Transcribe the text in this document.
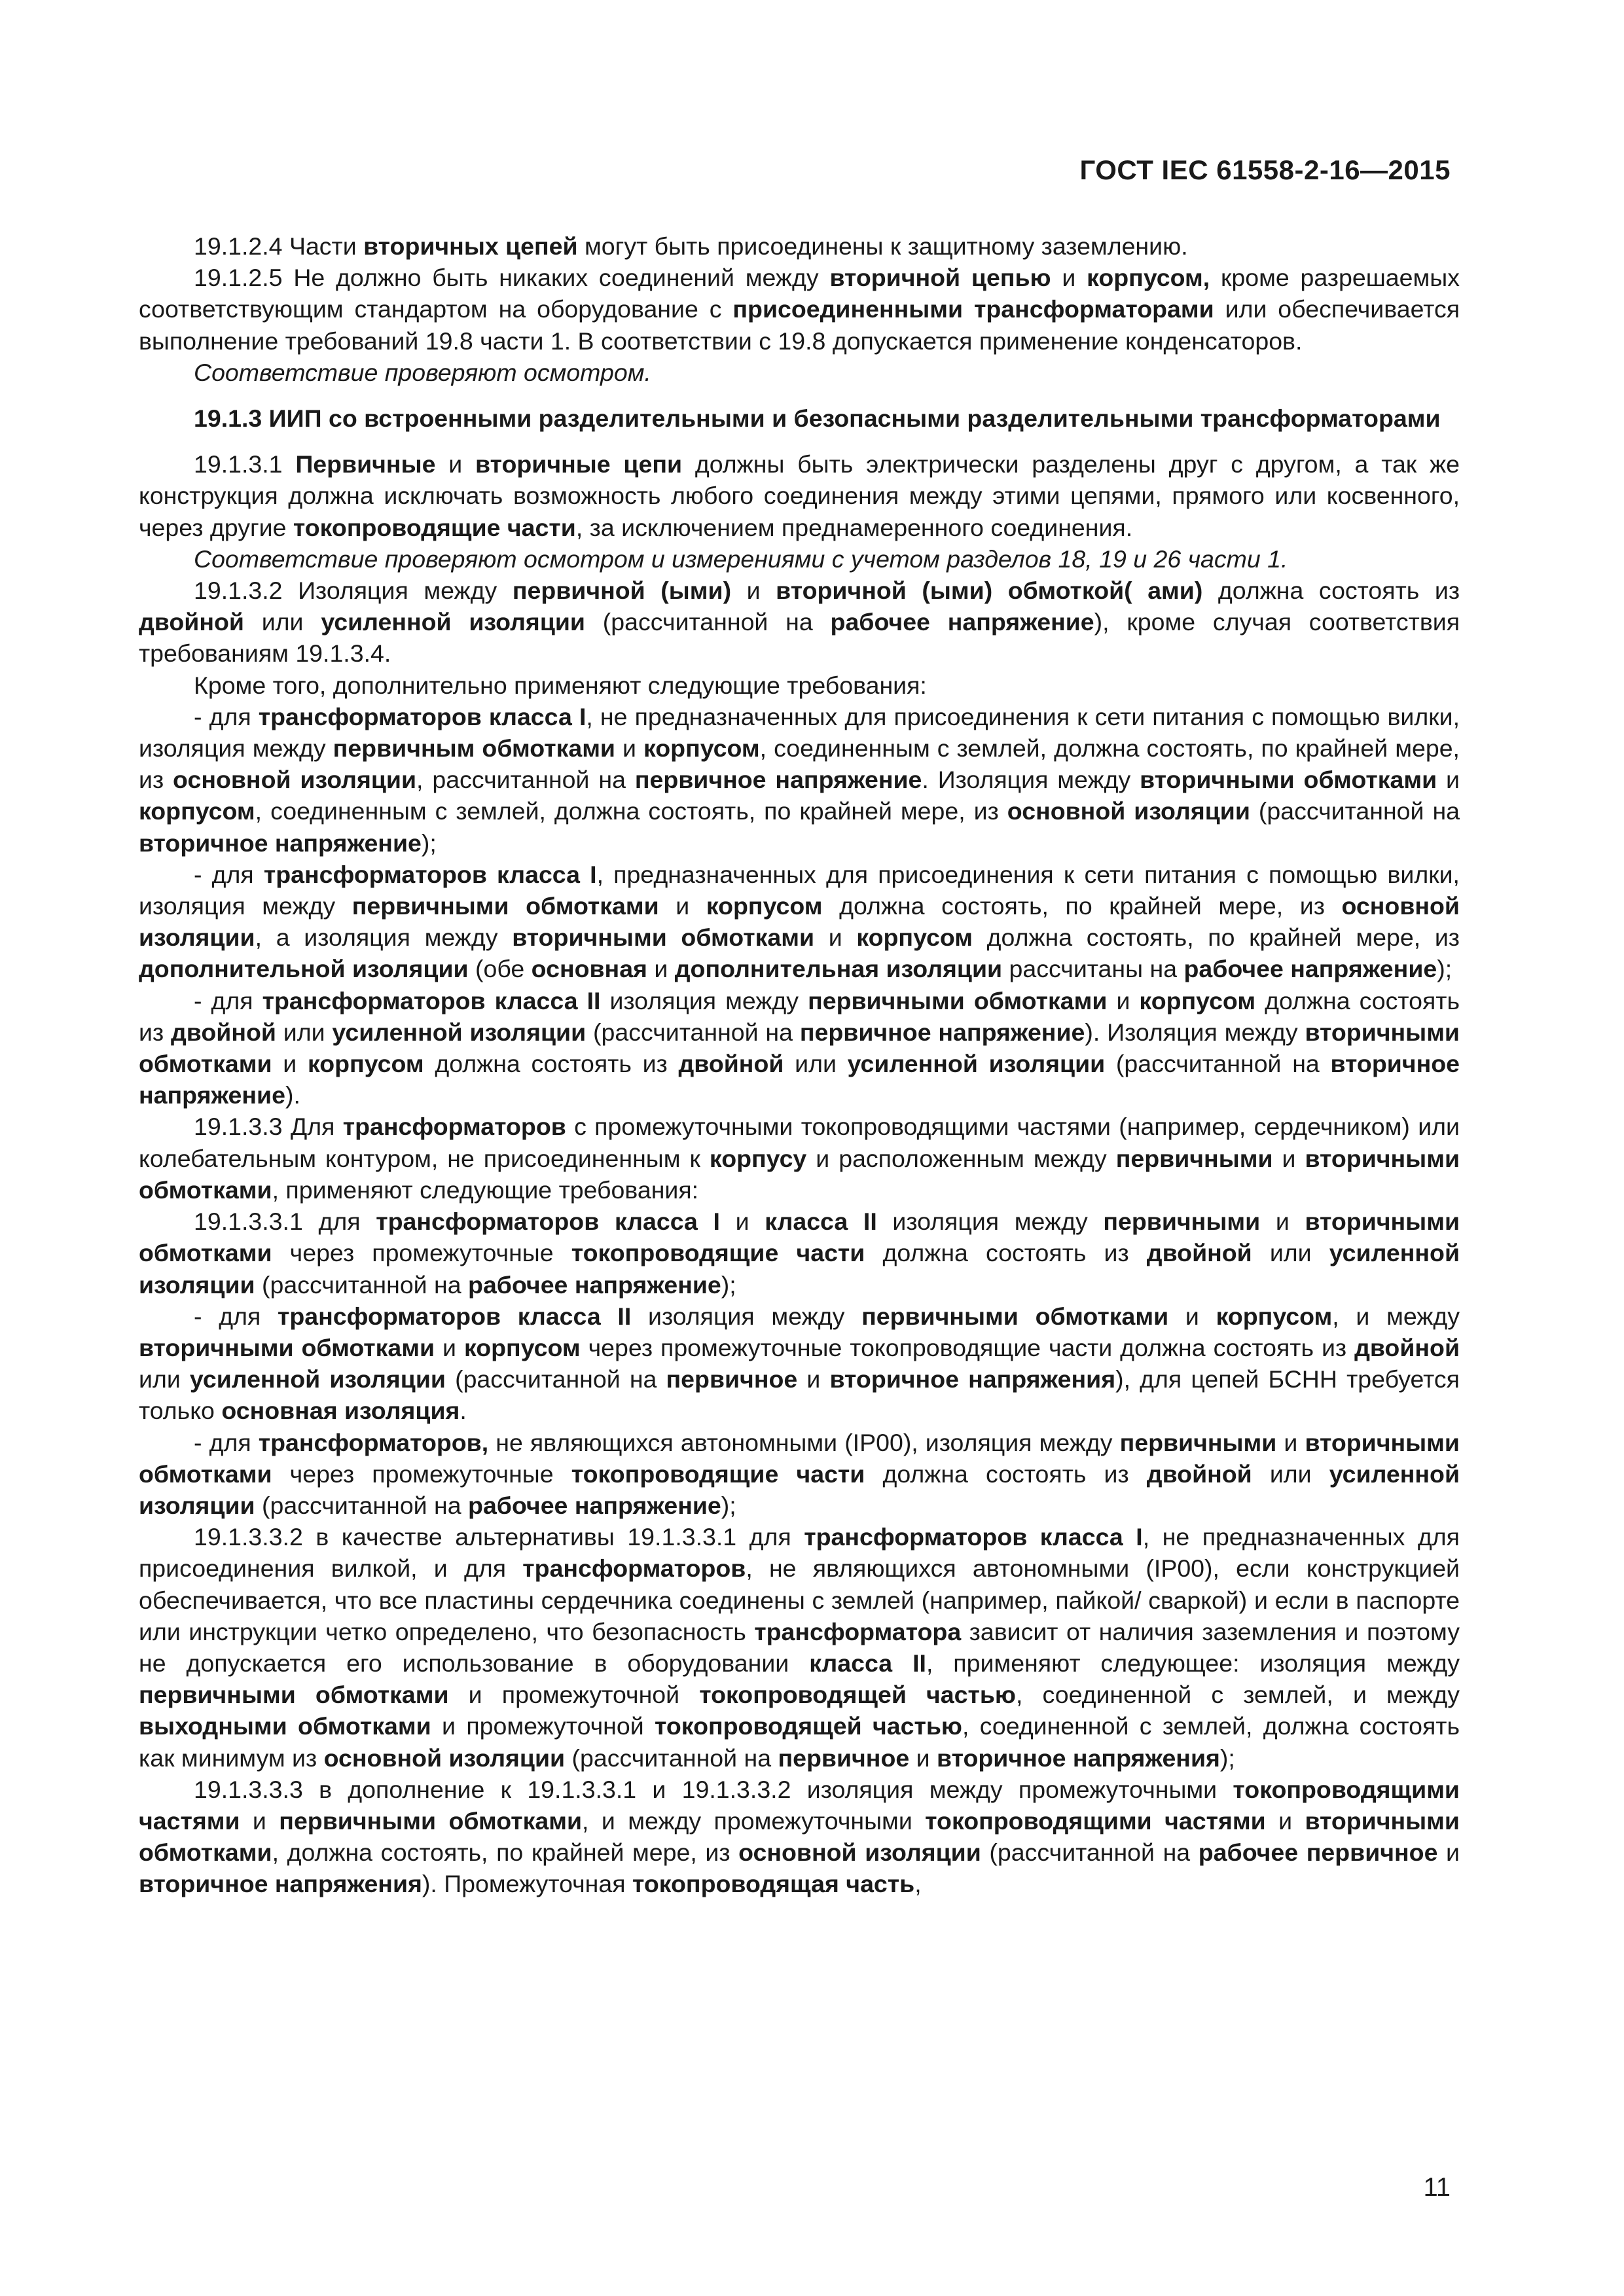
ГОСТ IEC 61558-2-16—2015

19.1.2.4 Части вторичных цепей могут быть присоединены к защитному заземлению.

19.1.2.5 Не должно быть никаких соединений между вторичной цепью и корпусом, кроме разрешаемых соответствующим стандартом на оборудование с присоединенными трансформаторами или обеспечивается выполнение требований 19.8 части 1. В соответствии с 19.8 допускается применение конденсаторов.

Соответствие проверяют осмотром.

19.1.3 ИИП со встроенными разделительными и безопасными разделительными трансформаторами

19.1.3.1 Первичные и вторичные цепи должны быть электрически разделены друг с другом, а так же конструкция должна исключать возможность любого соединения между этими цепями, прямого или косвенного, через другие токопроводящие части, за исключением преднамеренного соединения.

Соответствие проверяют осмотром и измерениями с учетом разделов 18, 19 и 26 части 1.

19.1.3.2 Изоляция между первичной (ыми) и вторичной (ыми) обмоткой( ами) должна состоять из двойной или усиленной изоляции (рассчитанной на рабочее напряжение), кроме случая соответствия требованиям 19.1.3.4.

Кроме того, дополнительно применяют следующие требования:

- для трансформаторов класса I, не предназначенных для присоединения к сети питания с помощью вилки, изоляция между первичным обмотками и корпусом, соединенным с землей, должна состоять, по крайней мере, из основной изоляции, рассчитанной на первичное напряжение. Изоляция между вторичными обмотками и корпусом, соединенным с землей, должна состоять, по крайней мере, из основной изоляции (рассчитанной на вторичное напряжение);

- для трансформаторов класса I, предназначенных для присоединения к сети питания с помощью вилки, изоляция между первичными обмотками и корпусом должна состоять, по крайней мере, из основной изоляции, а изоляция между вторичными обмотками и корпусом должна состоять, по крайней мере, из дополнительной изоляции (обе основная и дополнительная изоляции рассчитаны на рабочее напряжение);

- для трансформаторов класса II изоляция между первичными обмотками и корпусом должна состоять из двойной или усиленной изоляции (рассчитанной на первичное напряжение). Изоляция между вторичными обмотками и корпусом должна состоять из двойной или усиленной изоляции (рассчитанной на вторичное напряжение).

19.1.3.3 Для трансформаторов с промежуточными токопроводящими частями (например, сердечником) или колебательным контуром, не присоединенным к корпусу и расположенным между первичными и вторичными обмотками, применяют следующие требования:

19.1.3.3.1 для трансформаторов класса I и класса II изоляция между первичными и вторичными обмотками через промежуточные токопроводящие части должна состоять из двойной или усиленной изоляции (рассчитанной на рабочее напряжение);

- для трансформаторов класса II изоляция между первичными обмотками и корпусом, и между вторичными обмотками и корпусом через промежуточные токопроводящие части должна состоять из двойной или усиленной изоляции (рассчитанной на первичное и вторичное напряжения), для цепей БСНН требуется только основная изоляция.

- для трансформаторов, не являющихся автономными (IP00), изоляция между первичными и вторичными обмотками через промежуточные токопроводящие части должна состоять из двойной или усиленной изоляции (рассчитанной на рабочее напряжение);

19.1.3.3.2 в качестве альтернативы 19.1.3.3.1 для трансформаторов класса I, не предназначенных для присоединения вилкой, и для трансформаторов, не являющихся автономными (IP00), если конструкцией обеспечивается, что все пластины сердечника соединены с землей (например, пайкой/ сваркой) и если в паспорте или инструкции четко определено, что безопасность трансформатора зависит от наличия заземления и поэтому не допускается его использование в оборудовании класса II, применяют следующее: изоляция между первичными обмотками и промежуточной токопроводящей частью, соединенной с землей, и между выходными обмотками и промежуточной токопроводящей частью, соединенной с землей, должна состоять как минимум из основной изоляции (рассчитанной на первичное и вторичное напряжения);

19.1.3.3.3 в дополнение к 19.1.3.3.1 и 19.1.3.3.2 изоляция между промежуточными токопроводящими частями и первичными обмотками, и между промежуточными токопроводящими частями и вторичными обмотками, должна состоять, по крайней мере, из основной изоляции (рассчитанной на рабочее первичное и вторичное напряжения). Промежуточная токопроводящая часть,

11
